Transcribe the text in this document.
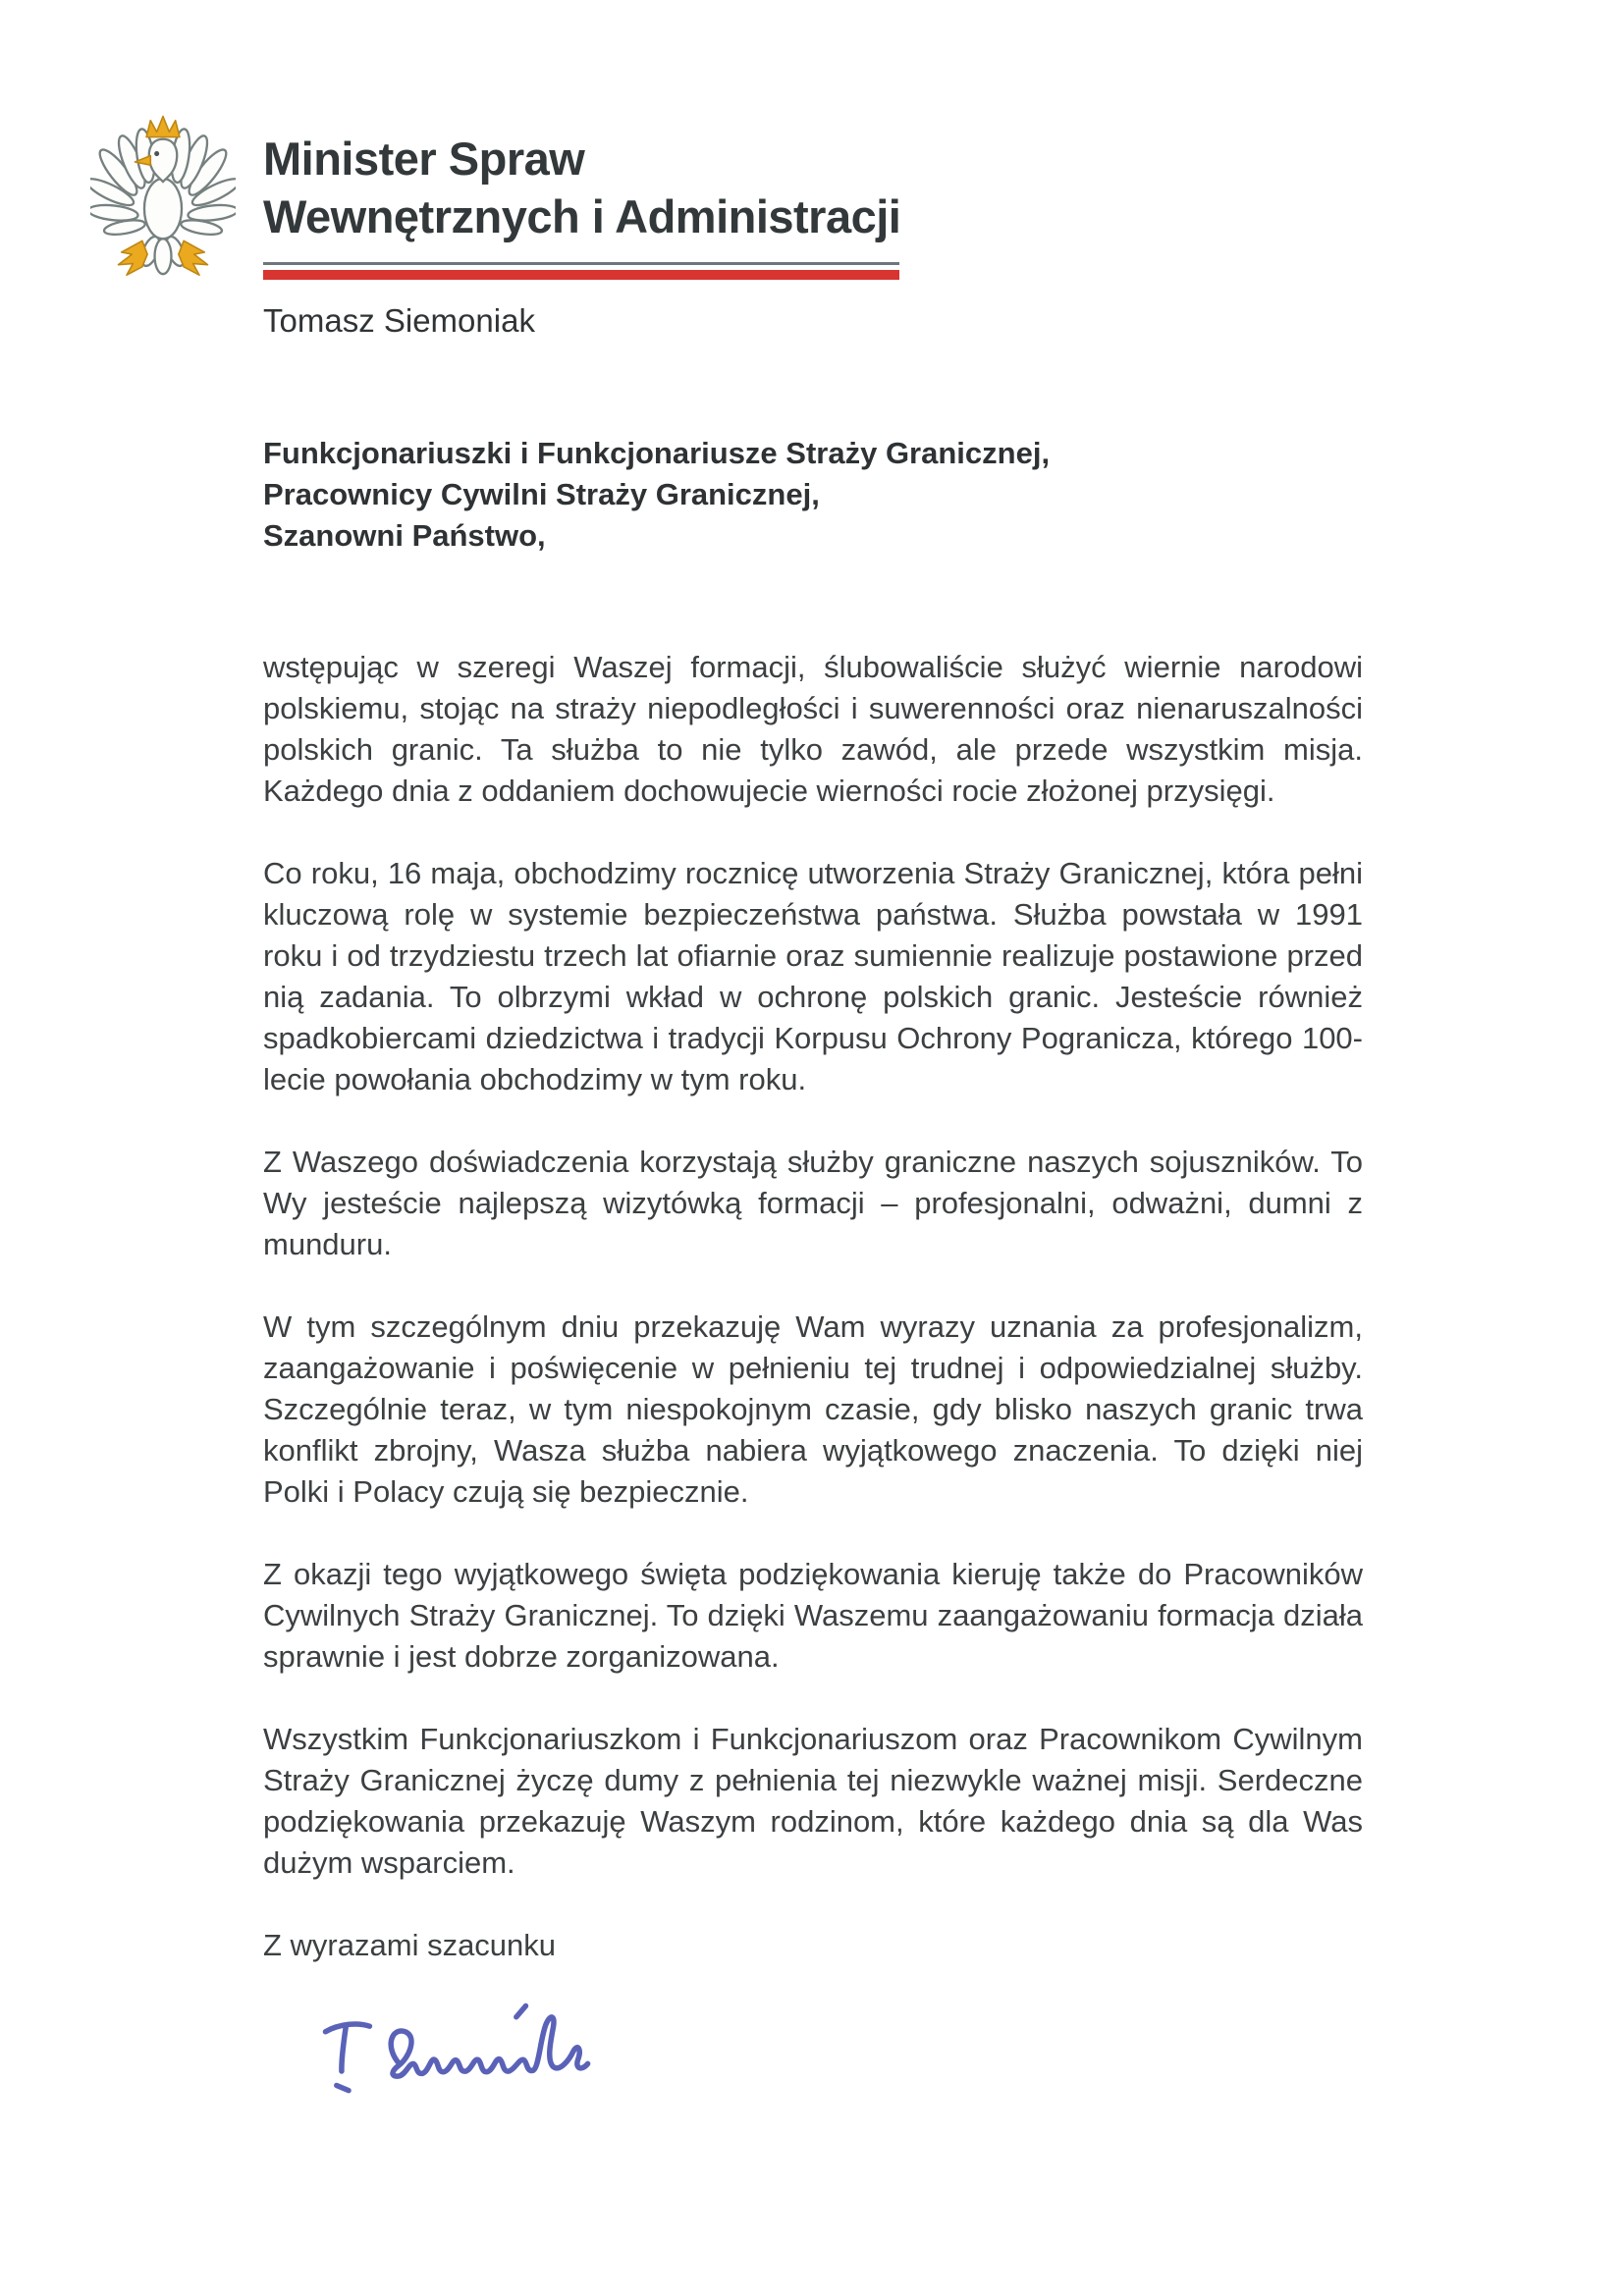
Minister Spraw
Wewnętrznych i Administracji
Tomasz Siemoniak
Funkcjonariuszki i Funkcjonariusze Straży Granicznej,
Pracownicy Cywilni Straży Granicznej,
Szanowni Państwo,

wstępując w szeregi Waszej formacji, ślubowaliście służyć wiernie narodowi polskiemu, stojąc na straży niepodległości i suwerenności oraz nienaruszalności polskich granic. Ta służba to nie tylko zawód, ale przede wszystkim misja. Każdego dnia z oddaniem dochowujecie wierności rocie złożonej przysięgi.

Co roku, 16 maja, obchodzimy rocznicę utworzenia Straży Granicznej, która pełni kluczową rolę w systemie bezpieczeństwa państwa. Służba powstała w 1991 roku i od trzydziestu trzech lat ofiarnie oraz sumiennie realizuje postawione przed nią zadania. To olbrzymi wkład w ochronę polskich granic. Jesteście również spadkobiercami dziedzictwa i tradycji Korpusu Ochrony Pogranicza, którego 100-lecie powołania obchodzimy w tym roku.

Z Waszego doświadczenia korzystają służby graniczne naszych sojuszników. To Wy jesteście najlepszą wizytówką formacji – profesjonalni, odważni, dumni z munduru.

W tym szczególnym dniu przekazuję Wam wyrazy uznania za profesjonalizm, zaangażowanie i poświęcenie w pełnieniu tej trudnej i odpowiedzialnej służby. Szczególnie teraz, w tym niespokojnym czasie, gdy blisko naszych granic trwa konflikt zbrojny, Wasza służba nabiera wyjątkowego znaczenia. To dzięki niej Polki i Polacy czują się bezpiecznie.

Z okazji tego wyjątkowego święta podziękowania kieruję także do Pracowników Cywilnych Straży Granicznej. To dzięki Waszemu zaangażowaniu formacja działa sprawnie i jest dobrze zorganizowana.

Wszystkim Funkcjonariuszkom i Funkcjonariuszom oraz Pracownikom Cywilnym Straży Granicznej życzę dumy z pełnienia tej niezwykle ważnej misji. Serdeczne podziękowania przekazuję Waszym rodzinom, które każdego dnia są dla Was dużym wsparciem.

Z wyrazami szacunku
